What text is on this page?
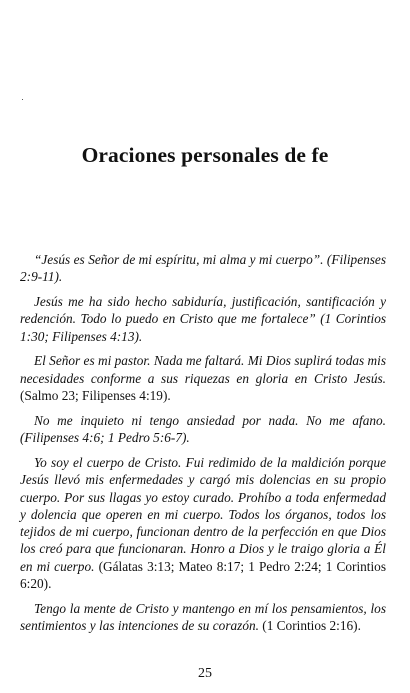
Oraciones personales de fe

“Jesús es Señor de mi espíritu, mi alma y mi cuerpo”. (Filipenses 2:9-11).

Jesús me ha sido hecho sabiduría, justificación, santificación y redención. Todo lo puedo en Cristo que me fortalece” (1 Corintios 1:30; Filipenses 4:13).

El Señor es mi pastor. Nada me faltará. Mi Dios suplirá todas mis necesidades conforme a sus riquezas en gloria en Cristo Jesús. (Salmo 23; Filipenses 4:19).

No me inquieto ni tengo ansiedad por nada. No me afano. (Filipenses 4:6; 1 Pedro 5:6-7).

Yo soy el cuerpo de Cristo. Fui redimido de la maldición porque Jesús llevó mis enfermedades y cargó mis dolencias en su propio cuerpo. Por sus llagas yo estoy curado. Prohíbo a toda enfermedad y dolencia que operen en mi cuerpo. Todos los órganos, todos los tejidos de mi cuerpo, funcionan dentro de la perfección en que Dios los creó para que funcionaran. Honro a Dios y le traigo gloria a Él en mi cuerpo. (Gálatas 3:13; Mateo 8:17; 1 Pedro 2:24; 1 Corintios 6:20).

Tengo la mente de Cristo y mantengo en mí los pensamientos, los sentimientos y las intenciones de su corazón. (1 Corintios 2:16).

25
